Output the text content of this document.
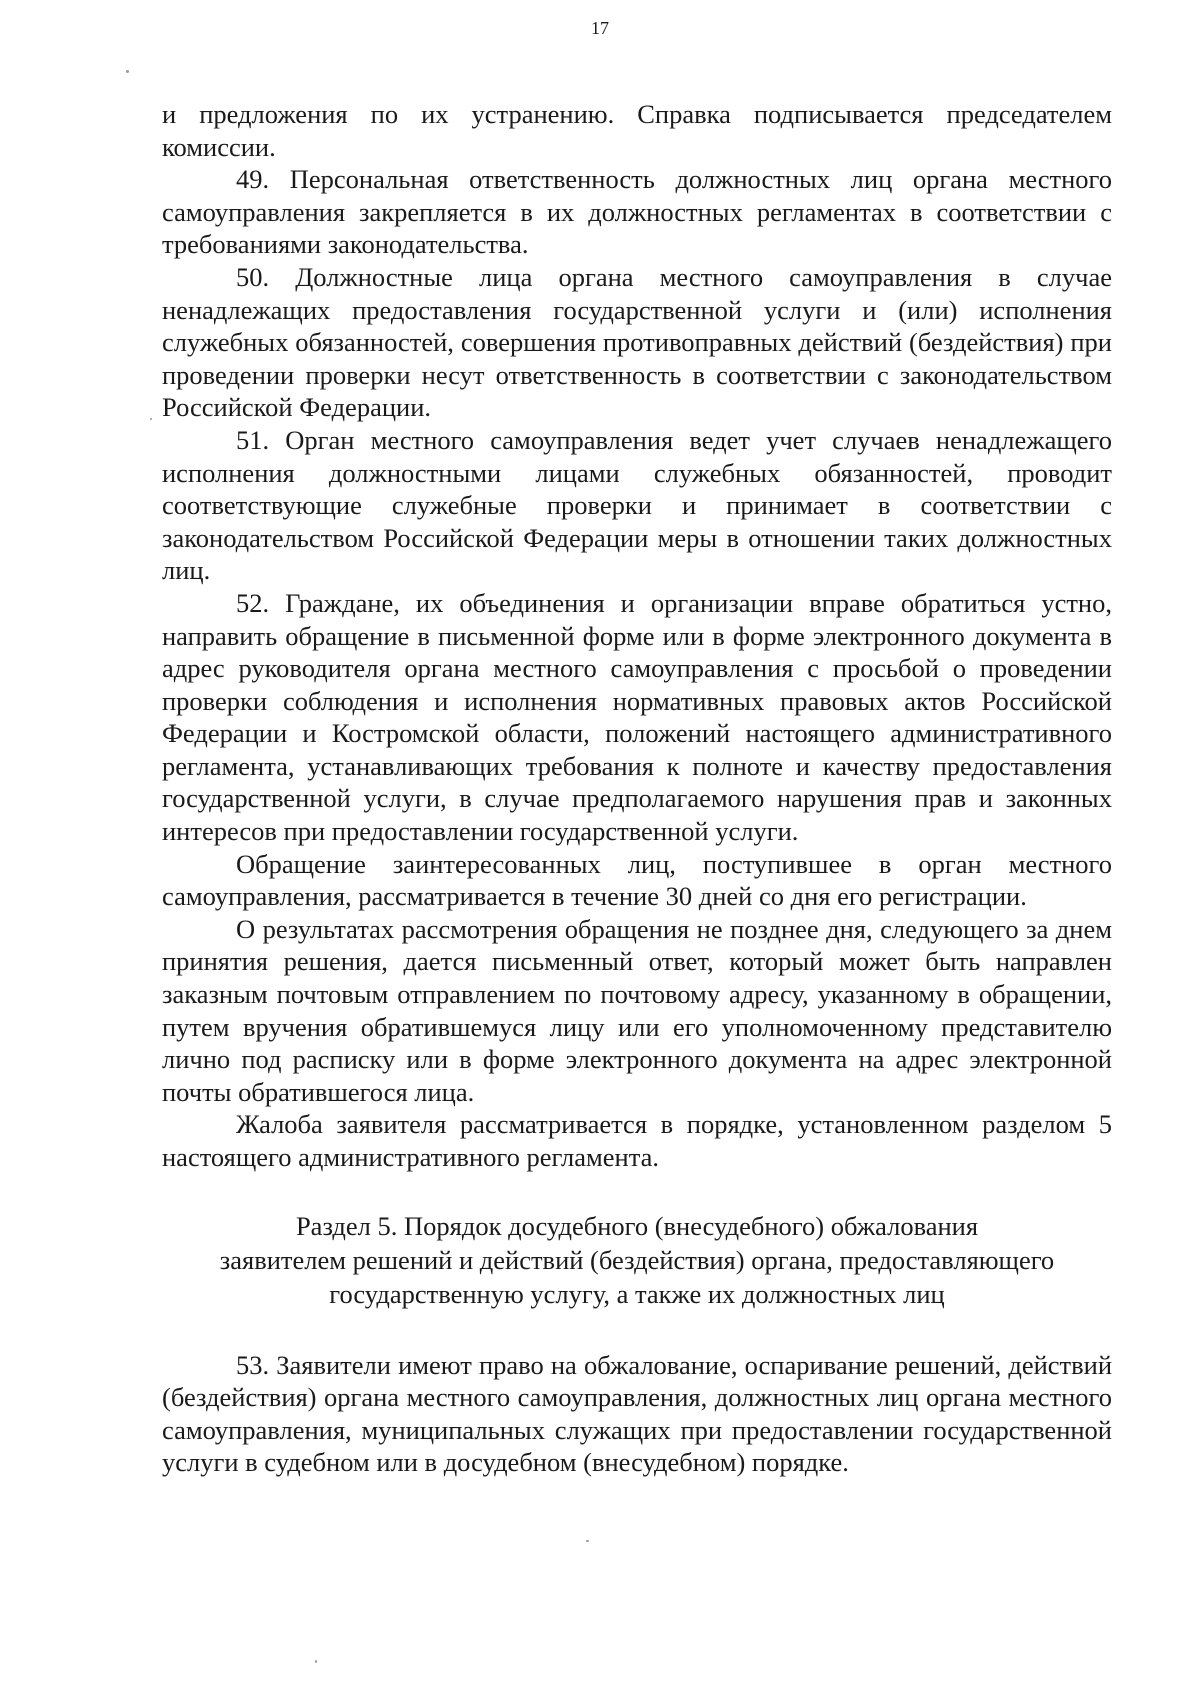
17

и предложения по их устранению. Справка подписывается председателем комиссии.

49. Персональная ответственность должностных лиц органа местного самоуправления закрепляется в их должностных регламентах в соответствии с требованиями законодательства.

50. Должностные лица органа местного самоуправления в случае ненадлежащих предоставления государственной услуги и (или) исполнения служебных обязанностей, совершения противоправных действий (бездействия) при проведении проверки несут ответственность в соответствии с законодательством Российской Федерации.

51. Орган местного самоуправления ведет учет случаев ненадлежащего исполнения должностными лицами служебных обязанностей, проводит соответствующие служебные проверки и принимает в соответствии с законодательством Российской Федерации меры в отношении таких должностных лиц.

52. Граждане, их объединения и организации вправе обратиться устно, направить обращение в письменной форме или в форме электронного документа в адрес руководителя органа местного самоуправления с просьбой о проведении проверки соблюдения и исполнения нормативных правовых актов Российской Федерации и Костромской области, положений настоящего административного регламента, устанавливающих требования к полноте и качеству предоставления государственной услуги, в случае предполагаемого нарушения прав и законных интересов при предоставлении государственной услуги.

Обращение заинтересованных лиц, поступившее в орган местного самоуправления, рассматривается в течение 30 дней со дня его регистрации.

О результатах рассмотрения обращения не позднее дня, следующего за днем принятия решения, дается письменный ответ, который может быть направлен заказным почтовым отправлением по почтовому адресу, указанному в обращении, путем вручения обратившемуся лицу или его уполномоченному представителю лично под расписку или в форме электронного документа на адрес электронной почты обратившегося лица.

Жалоба заявителя рассматривается в порядке, установленном разделом 5 настоящего административного регламента.

Раздел 5. Порядок досудебного (внесудебного) обжалования
заявителем решений и действий (бездействия) органа, предоставляющего
государственную услугу, а также их должностных лиц

53. Заявители имеют право на обжалование, оспаривание решений, действий (бездействия) органа местного самоуправления, должностных лиц органа местного самоуправления, муниципальных служащих при предоставлении государственной услуги в судебном или в досудебном (внесудебном) порядке.
